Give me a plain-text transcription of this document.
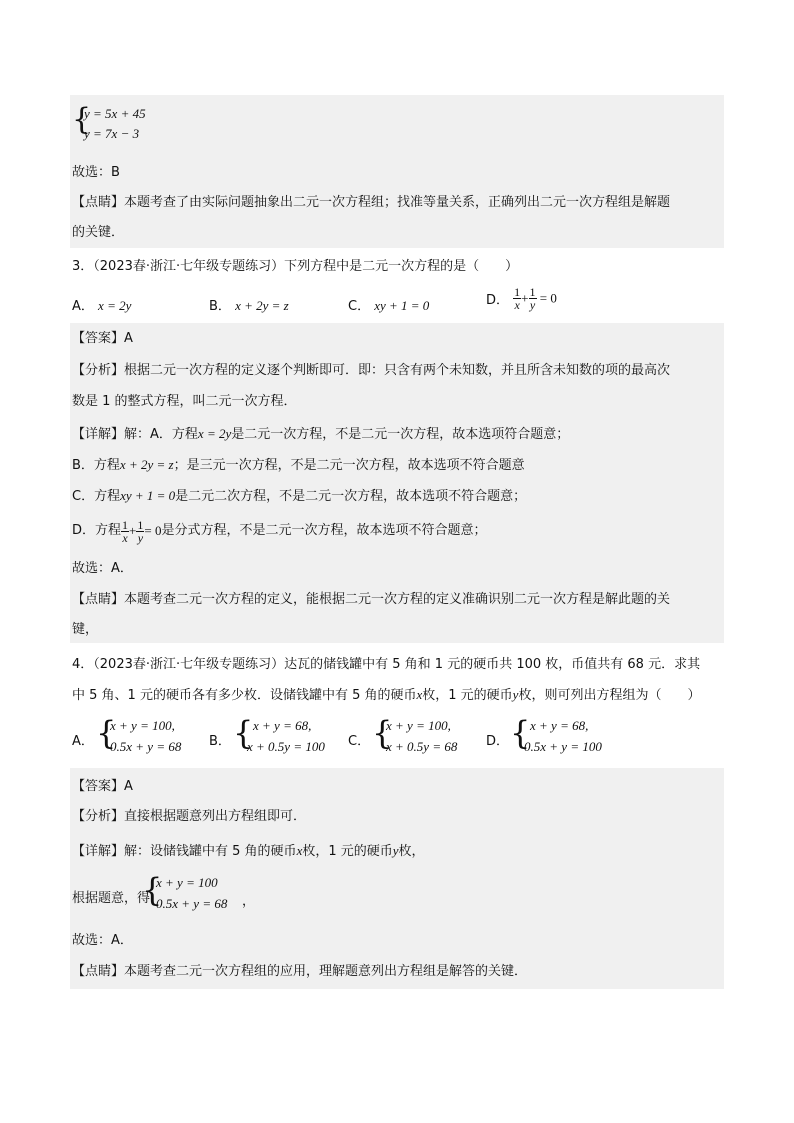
{
y = 5x + 45
y = 7x − 3
故选：B
【点睛】本题考查了由实际问题抽象出二元一次方程组；找准等量关系，正确列出二元一次方程组是解题
的关键．
3．（2023春·浙江·七年级专题练习）下列方程中是二元一次方程的是（　　）
A． x = 2y	B． x + 2y = z	C． xy + 1 = 0	D． $\frac{1}{x} + \frac{1}{y} = 0$
【答案】A
【分析】根据二元一次方程的定义逐个判断即可．即：只含有两个未知数，并且所含未知数的项的最高次
数是 1 的整式方程，叫二元一次方程．
【详解】解：A．方程x = 2y是二元一次方程，不是二元一次方程，故本选项符合题意；
B．方程x + 2y = z；是三元一次方程，不是二元一次方程，故本选项不符合题意
C．方程xy + 1 = 0是二元二次方程，不是二元一次方程，故本选项不符合题意；
D．方程 $\frac{1}{x} + \frac{1}{y} = 0$是分式方程，不是二元一次方程，故本选项不符合题意；
故选：A．
【点睛】本题考查二元一次方程的定义，能根据二元一次方程的定义准确识别二元一次方程是解此题的关
键，
4．（2023春·浙江·七年级专题练习）达瓦的储钱罐中有 5 角和 1 元的硬币共 100 枚，币值共有 68 元．求其
中 5 角、1 元的硬币各有多少枚．设储钱罐中有 5 角的硬币x枚，1 元的硬币y枚，则可列出方程组为（　　）
A． {
x + y = 100,
0.5x + y = 68 B． { x + y = 68,
x + 0.5y = 100 C． {
x + y = 100,
x + 0.5y = 68 D． { x + y = 68,
0.5x + y = 100
【答案】A
【分析】直接根据题意列出方程组即可．
【详解】解：设储钱罐中有 5 角的硬币x枚，1 元的硬币y枚，
根据题意，得
{
x + y = 100
0.5x + y = 68 ，
故选：A．
【点睛】本题考查二元一次方程组的应用，理解题意列出方程组是解答的关键．
